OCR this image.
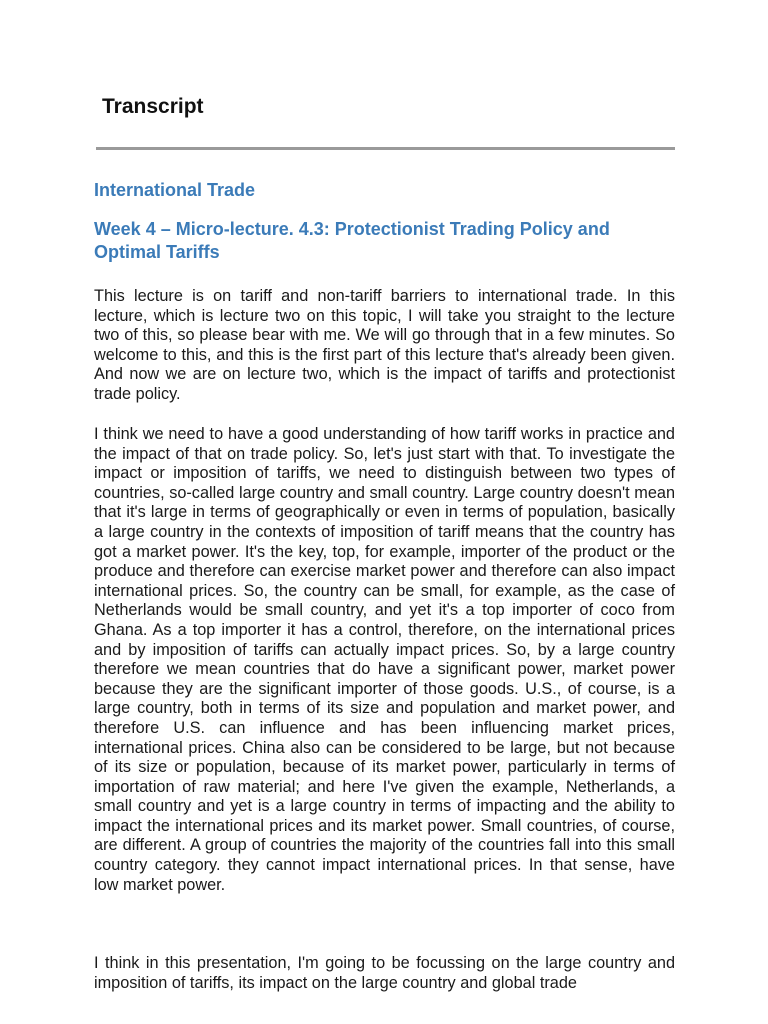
Transcript
International Trade
Week 4 – Micro-lecture. 4.3: Protectionist Trading Policy and Optimal Tariffs

This lecture is on tariff and non-tariff barriers to international trade. In this lecture, which is lecture two on this topic, I will take you straight to the lecture two of this, so please bear with me. We will go through that in a few minutes. So welcome to this, and this is the first part of this lecture that's already been given. And now we are on lecture two, which is the impact of tariffs and protectionist trade policy.

I think we need to have a good understanding of how tariff works in practice and the impact of that on trade policy. So, let's just start with that. To investigate the impact or imposition of tariffs, we need to distinguish between two types of countries, so-called large country and small country. Large country doesn't mean that it's large in terms of geographically or even in terms of population, basically a large country in the contexts of imposition of tariff means that the country has got a market power. It's the key, top, for example, importer of the product or the produce and therefore can exercise market power and therefore can also impact international prices. So, the country can be small, for example, as the case of Netherlands would be small country, and yet it's a top importer of coco from Ghana. As a top importer it has a control, therefore, on the international prices and by imposition of tariffs can actually impact prices. So, by a large country therefore we mean countries that do have a significant power, market power because they are the significant importer of those goods. U.S., of course, is a large country, both in terms of its size and population and market power, and therefore U.S. can influence and has been influencing market prices, international prices. China also can be considered to be large, but not because of its size or population, because of its market power, particularly in terms of importation of raw material; and here I've given the example, Netherlands, a small country and yet is a large country in terms of impacting and the ability to impact the international prices and its market power. Small countries, of course, are different. A group of countries the majority of the countries fall into this small country category. they cannot impact international prices. In that sense, have low market power.

I think in this presentation, I'm going to be focussing on the large country and imposition of tariffs, its impact on the large country and global trade
